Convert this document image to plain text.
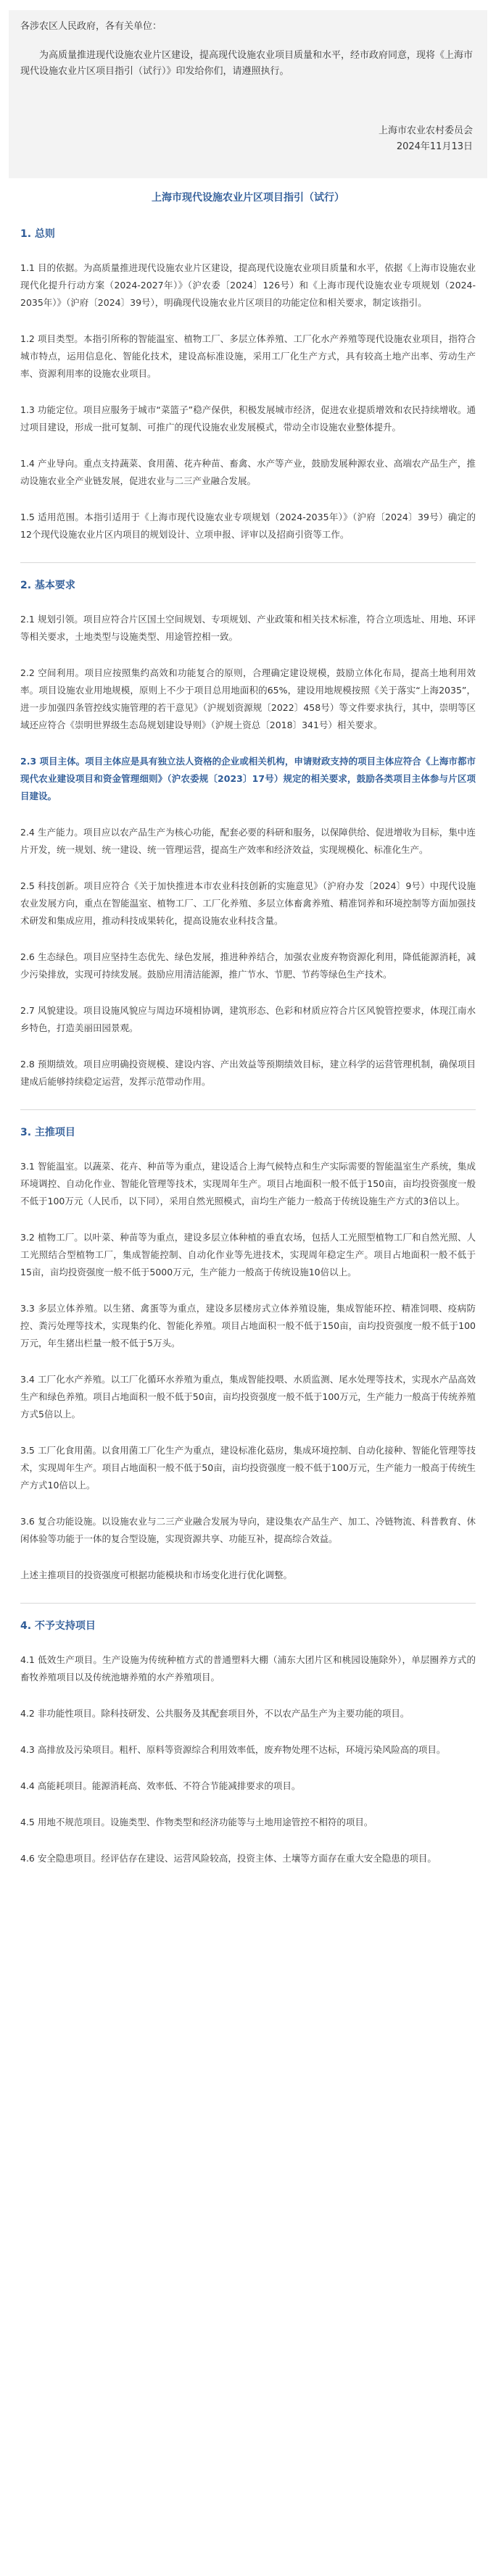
各涉农区人民政府，各有关单位：

为高质量推进现代设施农业片区建设，提高现代设施农业项目质量和水平，经市政府同意，现将《上海市现代设施农业片区项目指引（试行）》印发给你们，请遵照执行。

上海市农业农村委员会

2024年11月13日

上海市现代设施农业片区项目指引（试行）
1. 总则

1.1 目的依据。为高质量推进现代设施农业片区建设，提高现代设施农业项目质量和水平，依据《上海市设施农业现代化提升行动方案（2024-2027年）》（沪农委〔2024〕126号）和《上海市现代设施农业专项规划（2024-2035年）》（沪府〔2024〕39号），明确现代设施农业片区项目的功能定位和相关要求，制定该指引。

1.2 项目类型。本指引所称的智能温室、植物工厂、多层立体养殖、工厂化水产养殖等现代设施农业项目，指符合城市特点，运用信息化、智能化技术，建设高标准设施，采用工厂化生产方式，具有较高土地产出率、劳动生产率、资源利用率的设施农业项目。

1.3 功能定位。项目应服务于城市“菜篮子”稳产保供，积极发展城市经济，促进农业提质增效和农民持续增收。通过项目建设，形成一批可复制、可推广的现代设施农业发展模式，带动全市设施农业整体提升。

1.4 产业导向。重点支持蔬菜、食用菌、花卉种苗、畜禽、水产等产业，鼓励发展种源农业、高端农产品生产，推动设施农业全产业链发展，促进农业与二三产业融合发展。

1.5 适用范围。本指引适用于《上海市现代设施农业专项规划（2024-2035年）》（沪府〔2024〕39号）确定的12个现代设施农业片区内项目的规划设计、立项申报、评审以及招商引资等工作。

2. 基本要求

2.1 规划引领。项目应符合片区国土空间规划、专项规划、产业政策和相关技术标准，符合立项选址、用地、环评等相关要求，土地类型与设施类型、用途管控相一致。

2.2 空间利用。项目应按照集约高效和功能复合的原则，合理确定建设规模，鼓励立体化布局，提高土地利用效率。项目设施农业用地规模，原则上不少于项目总用地面积的65%，建设用地规模按照《关于落实“上海2035”，进一步加强四条管控线实施管理的若干意见》（沪规划资源规〔2022〕458号）等文件要求执行，其中，崇明等区域还应符合《崇明世界级生态岛规划建设导则》（沪规土资总〔2018〕341号）相关要求。

2.3 项目主体。项目主体应是具有独立法人资格的企业或相关机构，申请财政支持的项目主体应符合《上海市都市现代农业建设项目和资金管理细则》（沪农委规〔2023〕17号）规定的相关要求，鼓励各类项目主体参与片区项目建设。

2.4 生产能力。项目应以农产品生产为核心功能，配套必要的科研和服务，以保障供给、促进增收为目标，集中连片开发，统一规划、统一建设、统一管理运营，提高生产效率和经济效益，实现规模化、标准化生产。

2.5 科技创新。项目应符合《关于加快推进本市农业科技创新的实施意见》（沪府办发〔2024〕9号）中现代设施农业发展方向，重点在智能温室、植物工厂、工厂化养殖、多层立体畜禽养殖、精准饲养和环境控制等方面加强技术研发和集成应用，推动科技成果转化，提高设施农业科技含量。

2.6 生态绿色。项目应坚持生态优先、绿色发展，推进种养结合，加强农业废弃物资源化利用，降低能源消耗，减少污染排放，实现可持续发展。鼓励应用清洁能源，推广节水、节肥、节药等绿色生产技术。

2.7 风貌建设。项目设施风貌应与周边环境相协调，建筑形态、色彩和材质应符合片区风貌管控要求，体现江南水乡特色，打造美丽田园景观。

2.8 预期绩效。项目应明确投资规模、建设内容、产出效益等预期绩效目标，建立科学的运营管理机制，确保项目建成后能够持续稳定运营，发挥示范带动作用。

3. 主推项目

3.1 智能温室。以蔬菜、花卉、种苗等为重点，建设适合上海气候特点和生产实际需要的智能温室生产系统，集成环境调控、自动化作业、智能化管理等技术，实现周年生产。项目占地面积一般不低于150亩，亩均投资强度一般不低于100万元（人民币，以下同），采用自然光照模式，亩均生产能力一般高于传统设施生产方式的3倍以上。

3.2 植物工厂。以叶菜、种苗等为重点，建设多层立体种植的垂直农场，包括人工光照型植物工厂和自然光照、人工光照结合型植物工厂，集成智能控制、自动化作业等先进技术，实现周年稳定生产。项目占地面积一般不低于15亩，亩均投资强度一般不低于5000万元，生产能力一般高于传统设施10倍以上。

3.3 多层立体养殖。以生猪、禽蛋等为重点，建设多层楼房式立体养殖设施，集成智能环控、精准饲喂、疫病防控、粪污处理等技术，实现集约化、智能化养殖。项目占地面积一般不低于150亩，亩均投资强度一般不低于100万元，年生猪出栏量一般不低于5万头。

3.4 工厂化水产养殖。以工厂化循环水养殖为重点，集成智能投喂、水质监测、尾水处理等技术，实现水产品高效生产和绿色养殖。项目占地面积一般不低于50亩，亩均投资强度一般不低于100万元，生产能力一般高于传统养殖方式5倍以上。

3.5 工厂化食用菌。以食用菌工厂化生产为重点，建设标准化菇房，集成环境控制、自动化接种、智能化管理等技术，实现周年生产。项目占地面积一般不低于50亩，亩均投资强度一般不低于100万元，生产能力一般高于传统生产方式10倍以上。

3.6 复合功能设施。以设施农业与二三产业融合发展为导向，建设集农产品生产、加工、冷链物流、科普教育、休闲体验等功能于一体的复合型设施，实现资源共享、功能互补，提高综合效益。

上述主推项目的投资强度可根据功能模块和市场变化进行优化调整。

4. 不予支持项目

4.1 低效生产项目。生产设施为传统种植方式的普通塑料大棚（浦东大团片区和桃园设施除外），单层圈养方式的畜牧养殖项目以及传统池塘养殖的水产养殖项目。

4.2 非功能性项目。除科技研发、公共服务及其配套项目外，不以农产品生产为主要功能的项目。

4.3 高排放及污染项目。粗杆、原料等资源综合利用效率低，废弃物处理不达标，环境污染风险高的项目。

4.4 高能耗项目。能源消耗高、效率低、不符合节能减排要求的项目。

4.5 用地不规范项目。设施类型、作物类型和经济功能等与土地用途管控不相符的项目。

4.6 安全隐患项目。经评估存在建设、运营风险较高，投资主体、土壤等方面存在重大安全隐患的项目。
